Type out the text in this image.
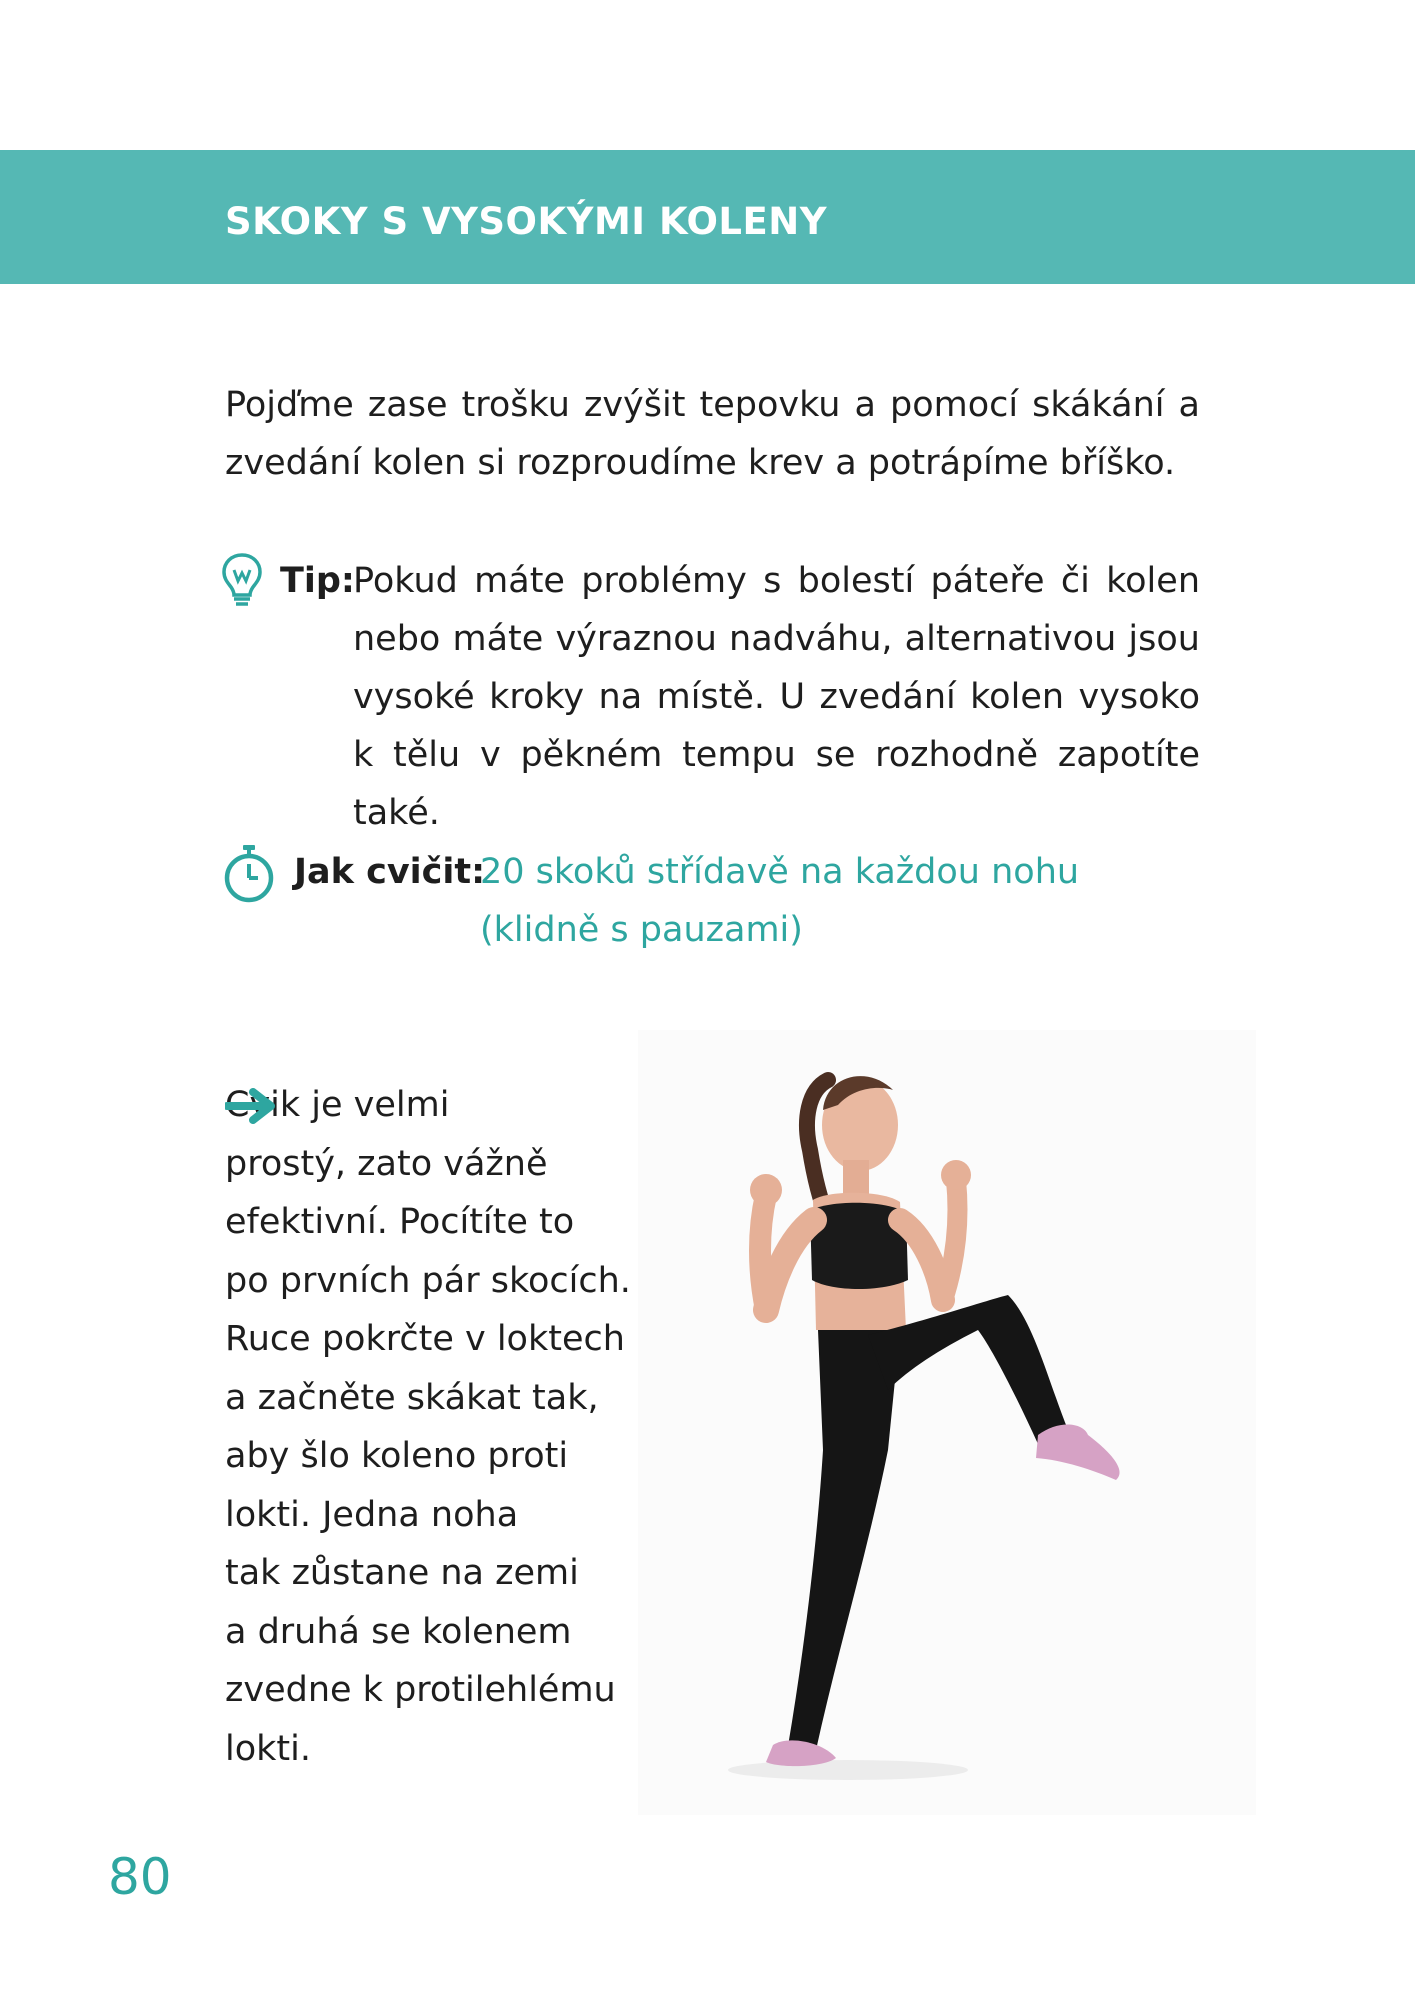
SKOKY S VYSOKÝMI KOLENY

Pojďme zase trošku zvýšit tepovku a pomocí skákání a zvedání kolen si rozproudíme krev a potrápíme bříško.

Tip:

Pokud máte problémy s bolestí páteře či kolen nebo máte výraznou nadváhu, alternativou jsou vysoké kroky na místě. U zvedání kolen vysoko k tělu v pěkném tempu se rozhodně zapotíte také.

Jak cvičit:

20 skoků střídavě na každou nohu (klidně s pauzami)

Cvik je velmi
prostý, zato vážně
efektivní. Pocítíte to
po prvních pár skocích.
Ruce pokrčte v loktech
a začněte skákat tak,
aby šlo koleno proti
lokti. Jedna noha
tak zůstane na zemi
a druhá se kolenem
zvedne k protilehlému
lokti.

80
